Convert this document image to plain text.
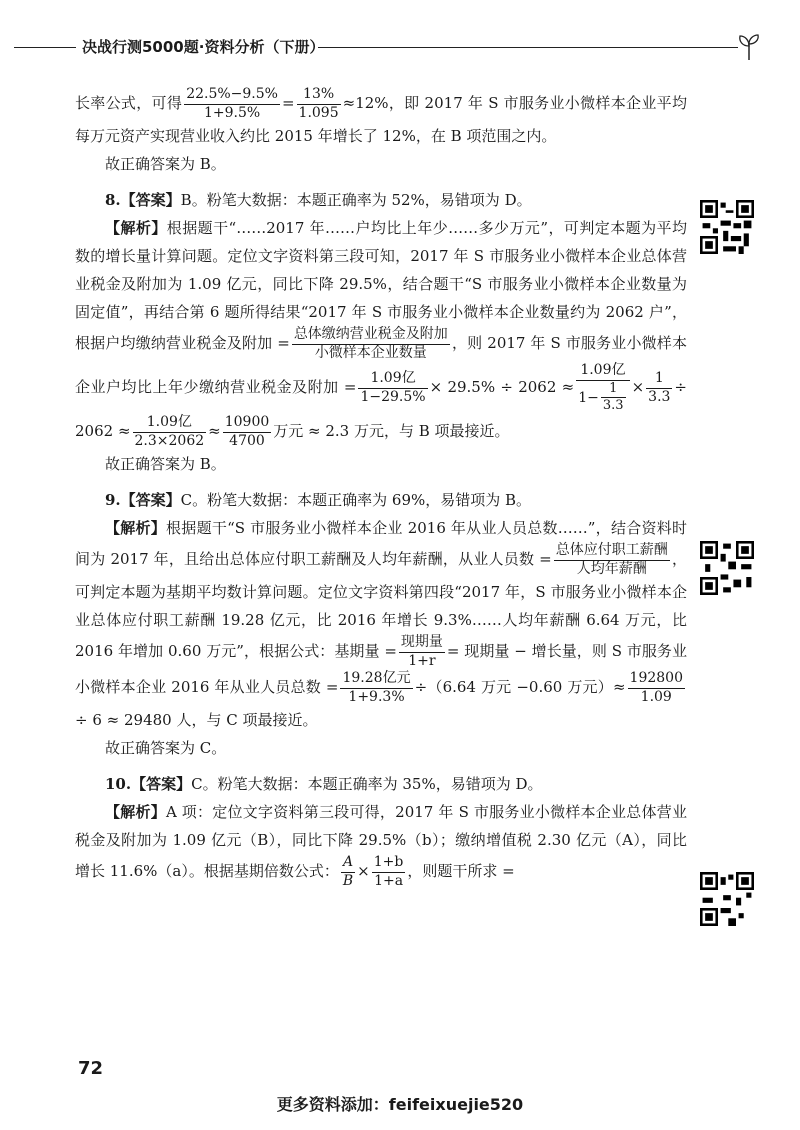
决战行测5000题·资料分析（下册）

长率公式，可得 $\frac{22.5\%-9.5\%}{1+9.5\%} = \frac{13\%}{1.095} \approx 12\%$，即 2017 年 S 市服务业小微样本企业平均每万元资产实现营业收入约比 2015 年增长了 12%，在 B 项范围之内。

故正确答案为 B。

8.【答案】B。粉笔大数据：本题正确率为 52%，易错项为 D。

【解析】根据题干“……2017 年……户均比上年少……多少万元”，可判定本题为平均数的增长量计算问题。定位文字资料第三段可知，2017 年 S 市服务业小微样本企业总体营业税金及附加为 1.09 亿元，同比下降 29.5%，结合题干“S 市服务业小微样本企业数量为固定值”，再结合第 6 题所得结果“2017 年 S 市服务业小微样本企业数量约为 2062 户”，根据户均缴纳营业税金及附加 = $\frac{\text{总体缴纳营业税金及附加}}{\text{小微样本企业数量}}$ ，则 2017 年 S 市服务业小微样本企业户均比上年少缴纳营业税金及附加 = $\frac{\text{1.09亿}}{1-29.5\%} \times 29.5\% \div 2062 \approx \frac{\text{1.09亿}}{1- \frac{1}{3.3}} \times \frac{1}{3.3} \div 2062 \approx \frac{\text{1.09亿}}{2.3\times 2062} \approx \frac{10900}{4700}$ 万元 ≈ 2.3 万元，与 B 项最接近。

故正确答案为 B。

9.【答案】C。粉笔大数据：本题正确率为 69%，易错项为 B。

【解析】根据题干“S 市服务业小微样本企业 2016 年从业人员总数……”，结合资料时间为 2017 年，且给出总体应付职工薪酬及人均年薪酬，从业人员数 = $\frac{\text{总体应付职工薪酬}}{\text{人均年薪酬}}$ ，可判定本题为基期平均数计算问题。定位文字资料第四段“2017 年，S 市服务业小微样本企业总体应付职工薪酬 19.28 亿元，比 2016 年增长 9.3%……人均年薪酬 6.64 万元，比 2016 年增加 0.60 万元”，根据公式：基期量 = $\frac{\text{现期量}}{1+r}$ = 现期量 − 增长量，则 S 市服务业小微样本企业 2016 年从业人员总数 = $\frac{\text{19.28亿元}}{1+9.3\%} \div(6.64$ 万元 −0.60 万元）≈ $\frac{192800}{1.09}$
÷ 6 ≈ 29480 人，与 C 项最接近。

故正确答案为 C。

10.【答案】C。粉笔大数据：本题正确率为 35%，易错项为 D。

【解析】A 项：定位文字资料第三段可得，2017 年 S 市服务业小微样本企业总体营业税金及附加为 1.09 亿元（B），同比下降 29.5%（b）；缴纳增值税 2.30 亿元（A），同比增长 11.6%（a）。根据基期倍数公式： $\frac{A}{B} \times \frac{1+b}{1+a}$ ，则题干所求 =

72
更多资料添加：feifeixuejie520
